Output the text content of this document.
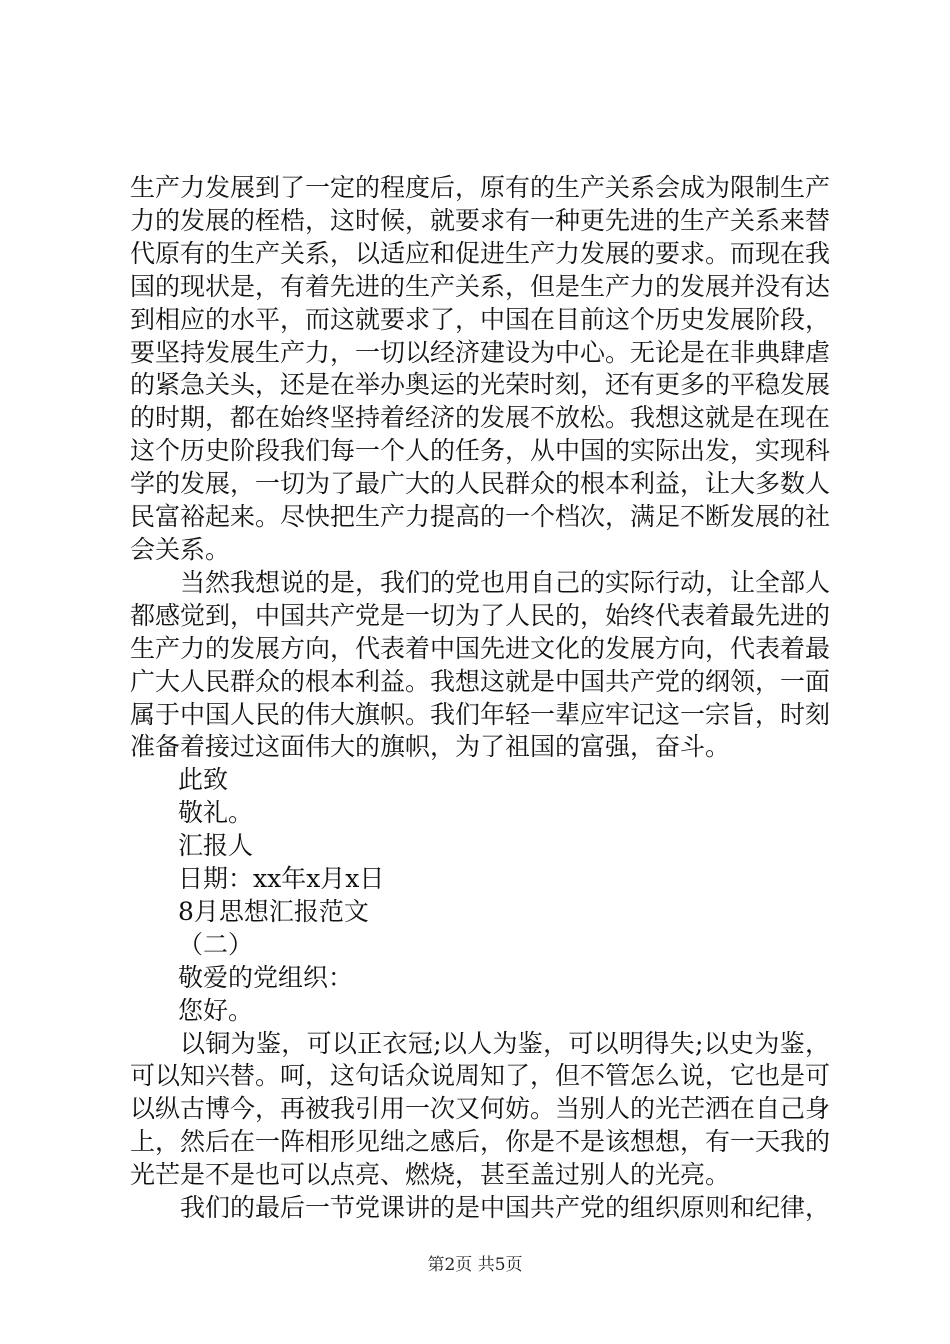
生产力发展到了一定的程度后，原有的生产关系会成为限制生产力的发展的桎梏，这时候，就要求有一种更先进的生产关系来替代原有的生产关系，以适应和促进生产力发展的要求。而现在我国的现状是，有着先进的生产关系，但是生产力的发展并没有达到相应的水平，而这就要求了，中国在目前这个历史发展阶段，要坚持发展生产力，一切以经济建设为中心。无论是在非典肆虐的紧急关头，还是在举办奥运的光荣时刻，还有更多的平稳发展的时期，都在始终坚持着经济的发展不放松。我想这就是在现在这个历史阶段我们每一个人的任务，从中国的实际出发，实现科学的发展，一切为了最广大的人民群众的根本利益，让大多数人民富裕起来。尽快把生产力提高的一个档次，满足不断发展的社会关系。

当然我想说的是，我们的党也用自己的实际行动，让全部人都感觉到，中国共产党是一切为了人民的，始终代表着最先进的生产力的发展方向，代表着中国先进文化的发展方向，代表着最广大人民群众的根本利益。我想这就是中国共产党的纲领，一面属于中国人民的伟大旗帜。我们年轻一辈应牢记这一宗旨，时刻准备着接过这面伟大的旗帜，为了祖国的富强，奋斗。

此致

敬礼。

汇报人

日期：xx年x月x日

8月思想汇报范文

（二）

敬爱的党组织：

您好。

以铜为鉴，可以正衣冠;以人为鉴，可以明得失;以史为鉴，可以知兴替。呵，这句话众说周知了，但不管怎么说，它也是可以纵古博今，再被我引用一次又何妨。当别人的光芒洒在自己身上，然后在一阵相形见绌之感后，你是不是该想想，有一天我的光芒是不是也可以点亮、燃烧，甚至盖过别人的光亮。

我们的最后一节党课讲的是中国共产党的组织原则和纪律，

第2页 共5页
